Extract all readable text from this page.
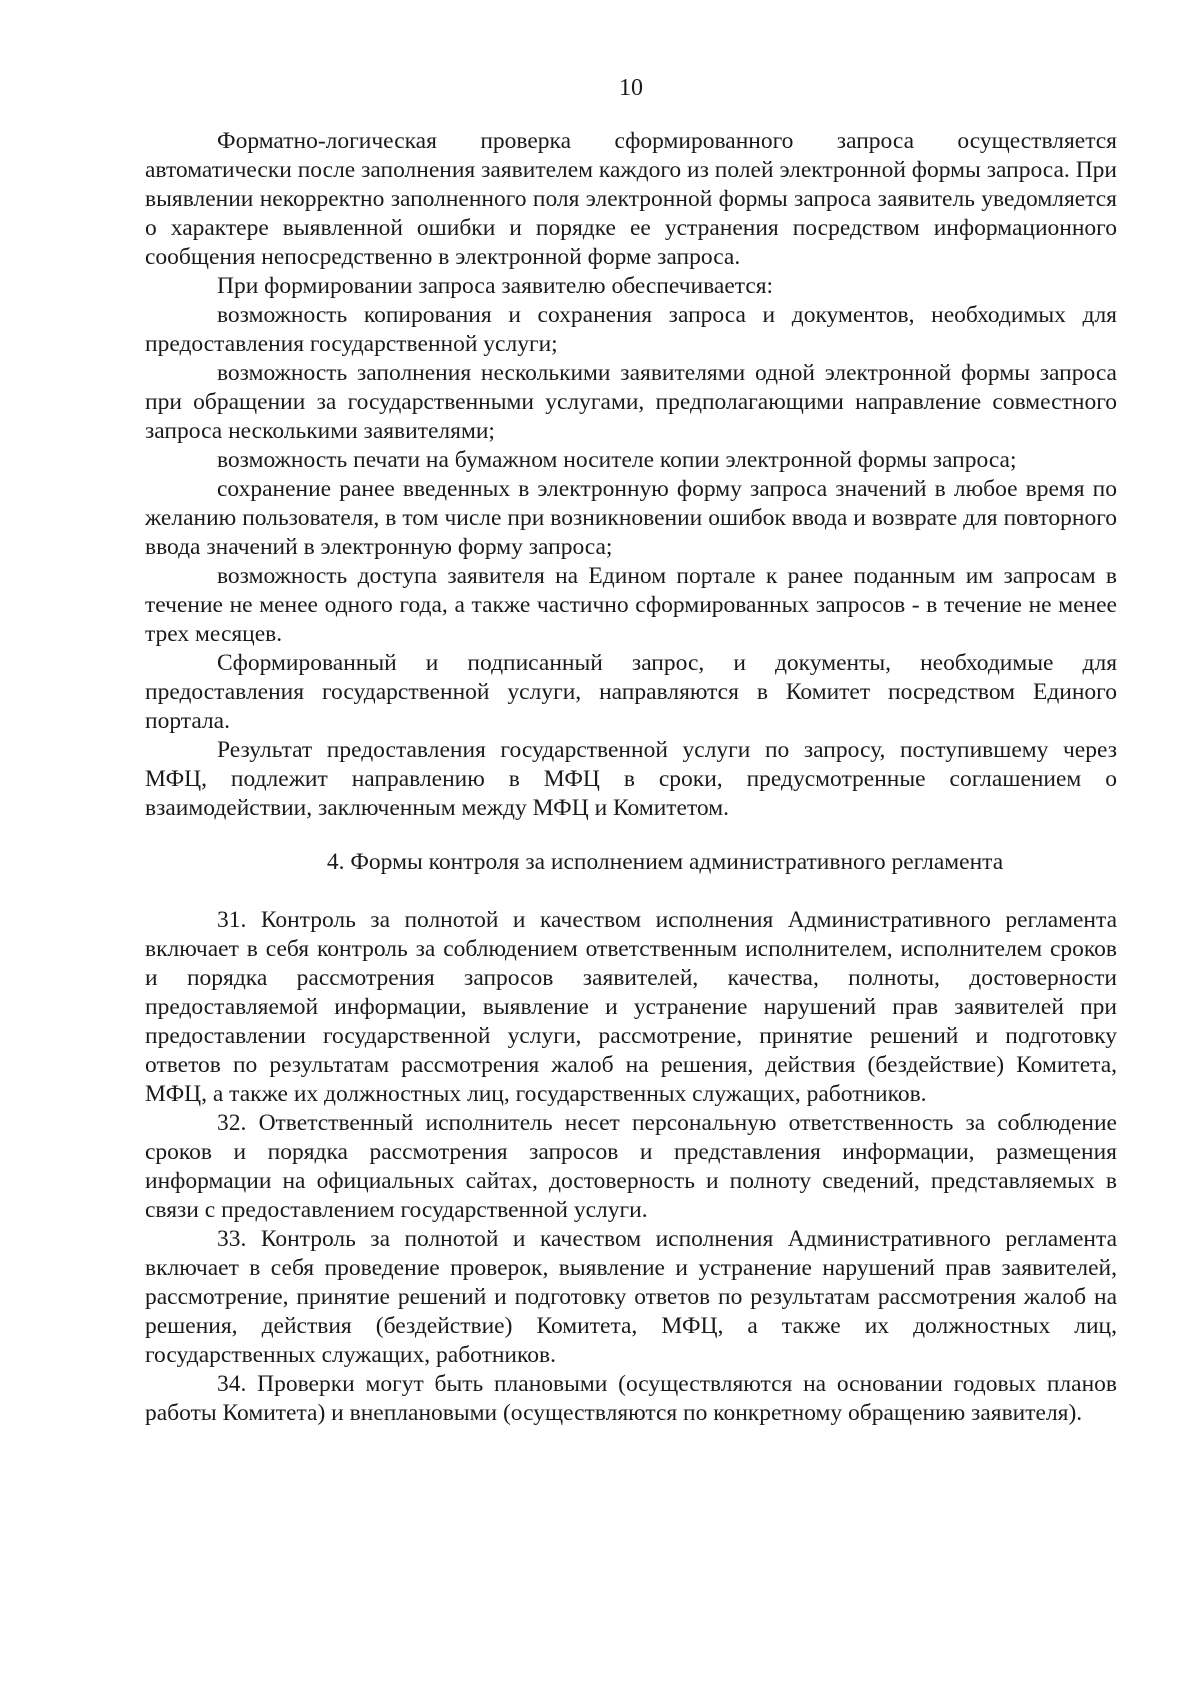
10

Форматно-логическая проверка сформированного запроса осуществляется автоматически после заполнения заявителем каждого из полей электронной формы запроса. При выявлении некорректно заполненного поля электронной формы запроса заявитель уведомляется о характере выявленной ошибки и порядке ее устранения посредством информационного сообщения непосредственно в электронной форме запроса.

При формировании запроса заявителю обеспечивается:

возможность копирования и сохранения запроса и документов, необходимых для предоставления государственной услуги;

возможность заполнения несколькими заявителями одной электронной формы запроса при обращении за государственными услугами, предполагающими направление совместного запроса несколькими заявителями;

возможность печати на бумажном носителе копии электронной формы запроса;

сохранение ранее введенных в электронную форму запроса значений в любое время по желанию пользователя, в том числе при возникновении ошибок ввода и возврате для повторного ввода значений в электронную форму запроса;

возможность доступа заявителя на Едином портале к ранее поданным им запросам в течение не менее одного года, а также частично сформированных запросов - в течение не менее трех месяцев.

Сформированный и подписанный запрос, и документы, необходимые для предоставления государственной услуги, направляются в Комитет посредством Единого портала.

Результат предоставления государственной услуги по запросу, поступившему через МФЦ, подлежит направлению в МФЦ в сроки, предусмотренные соглашением о взаимодействии, заключенным между МФЦ и Комитетом.

4. Формы контроля за исполнением административного регламента

31. Контроль за полнотой и качеством исполнения Административного регламента включает в себя контроль за соблюдением ответственным исполнителем, исполнителем сроков и порядка рассмотрения запросов заявителей, качества, полноты, достоверности предоставляемой информации, выявление и устранение нарушений прав заявителей при предоставлении государственной услуги, рассмотрение, принятие решений и подготовку ответов по результатам рассмотрения жалоб на решения, действия (бездействие) Комитета, МФЦ, а также их должностных лиц, государственных служащих, работников.

32. Ответственный исполнитель несет персональную ответственность за соблюдение сроков и порядка рассмотрения запросов и представления информации, размещения информации на официальных сайтах, достоверность и полноту сведений, представляемых в связи с предоставлением государственной услуги.

33. Контроль за полнотой и качеством исполнения Административного регламента включает в себя проведение проверок, выявление и устранение нарушений прав заявителей, рассмотрение, принятие решений и подготовку ответов по результатам рассмотрения жалоб на решения, действия (бездействие) Комитета, МФЦ, а также их должностных лиц, государственных служащих, работников.

34. Проверки могут быть плановыми (осуществляются на основании годовых планов работы Комитета) и внеплановыми (осуществляются по конкретному обращению заявителя).
